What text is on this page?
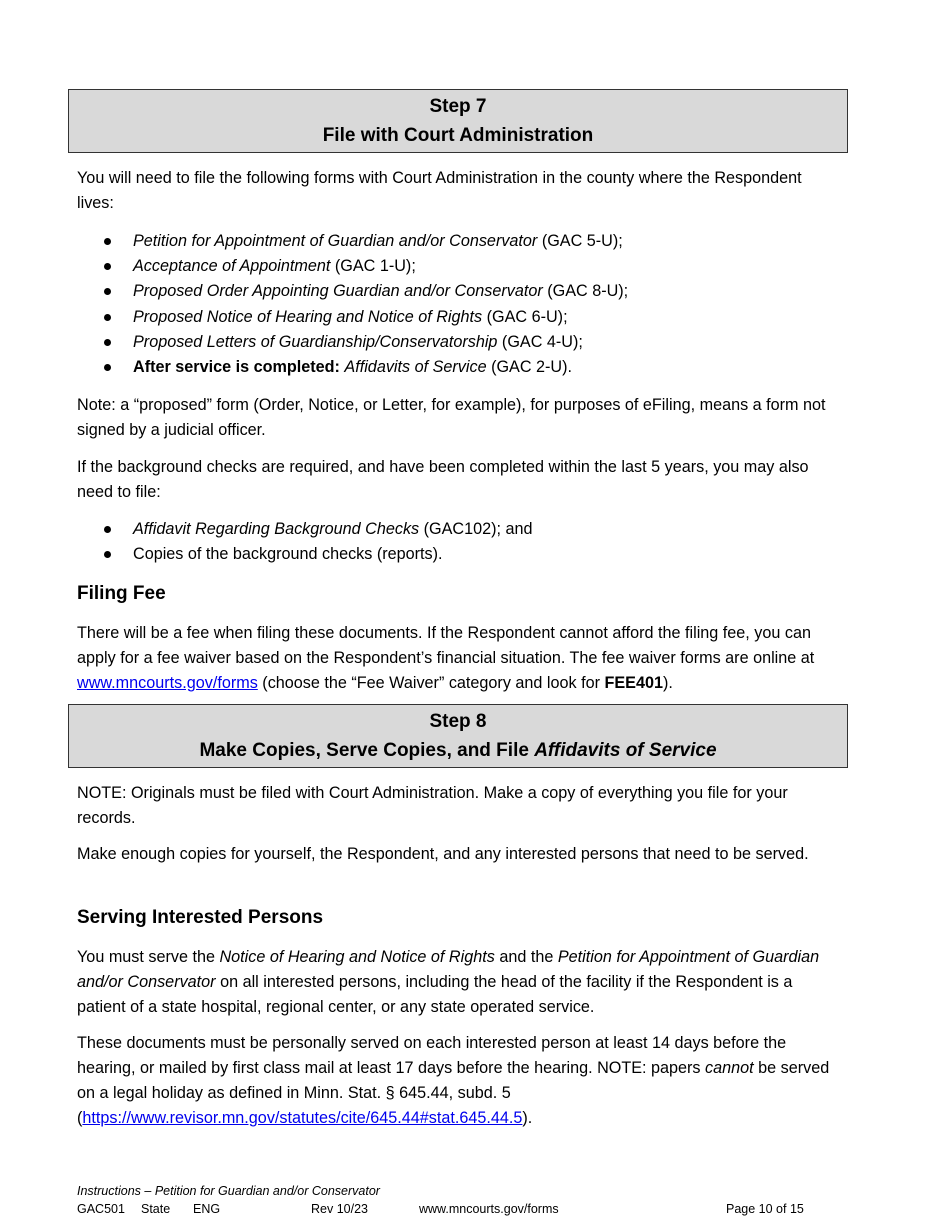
Step 7
File with Court Administration

You will need to file the following forms with Court Administration in the county where the Respondent lives:

Petition for Appointment of Guardian and/or Conservator (GAC 5-U);
Acceptance of Appointment (GAC 1-U);
Proposed Order Appointing Guardian and/or Conservator (GAC 8-U);
Proposed Notice of Hearing and Notice of Rights (GAC 6-U);
Proposed Letters of Guardianship/Conservatorship (GAC 4-U);
After service is completed: Affidavits of Service (GAC 2-U).

Note: a “proposed” form (Order, Notice, or Letter, for example), for purposes of eFiling, means a form not signed by a judicial officer.

If the background checks are required, and have been completed within the last 5 years, you may also need to file:

Affidavit Regarding Background Checks (GAC102); and
Copies of the background checks (reports).
Filing Fee

There will be a fee when filing these documents. If the Respondent cannot afford the filing fee, you can apply for a fee waiver based on the Respondent’s financial situation. The fee waiver forms are online at www.mncourts.gov/forms (choose the “Fee Waiver” category and look for FEE401).

Step 8
Make Copies, Serve Copies, and File Affidavits of Service

NOTE: Originals must be filed with Court Administration. Make a copy of everything you file for your records.

Make enough copies for yourself, the Respondent, and any interested persons that need to be served.

Serving Interested Persons

You must serve the Notice of Hearing and Notice of Rights and the Petition for Appointment of Guardian and/or Conservator on all interested persons, including the head of the facility if the Respondent is a patient of a state hospital, regional center, or any state operated service.

These documents must be personally served on each interested person at least 14 days before the hearing, or mailed by first class mail at least 17 days before the hearing. NOTE: papers cannot be served on a legal holiday as defined in Minn. Stat. § 645.44, subd. 5 (https://www.revisor.mn.gov/statutes/cite/645.44#stat.645.44.5).

Instructions – Petition for Guardian and/or Conservator
GAC501 State ENG	Rev 10/23	www.mncourts.gov/forms	Page 10 of 15
